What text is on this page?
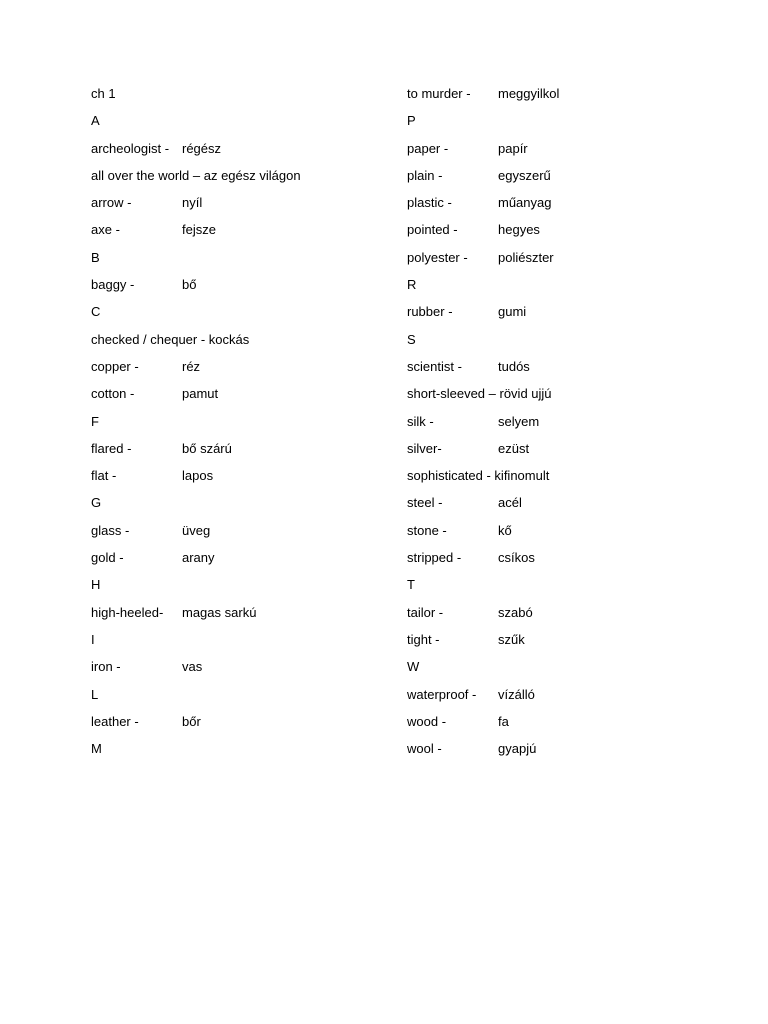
ch 1
A
archeologist - régész
all over the world – az egész világon
arrow -	nyíl
axe -	fejsze
B
baggy -	bő
C
checked / chequer - kockás
copper -	réz
cotton -	pamut
F
flared -	bő szárú
flat -	lapos
G
glass -	üveg
gold -	arany
H
high-heeled- magas sarkú
I
iron -	vas
L
leather -	bőr
M
to murder - meggyilkol
P
paper -	papír
plain -	egyszerű
plastic -	műanyag
pointed -	hegyes
polyester - poliészter
R
rubber -	gumi
S
scientist -	tudós
short-sleeved – rövid ujjú
silk -	selyem
silver-	ezüst
sophisticated - kifinomult
steel -	acél
stone -	kő
stripped -	csíkos
T
tailor -	szabó
tight -	szűk
W
waterproof - vízálló
wood -	fa
wool -	gyapjú
